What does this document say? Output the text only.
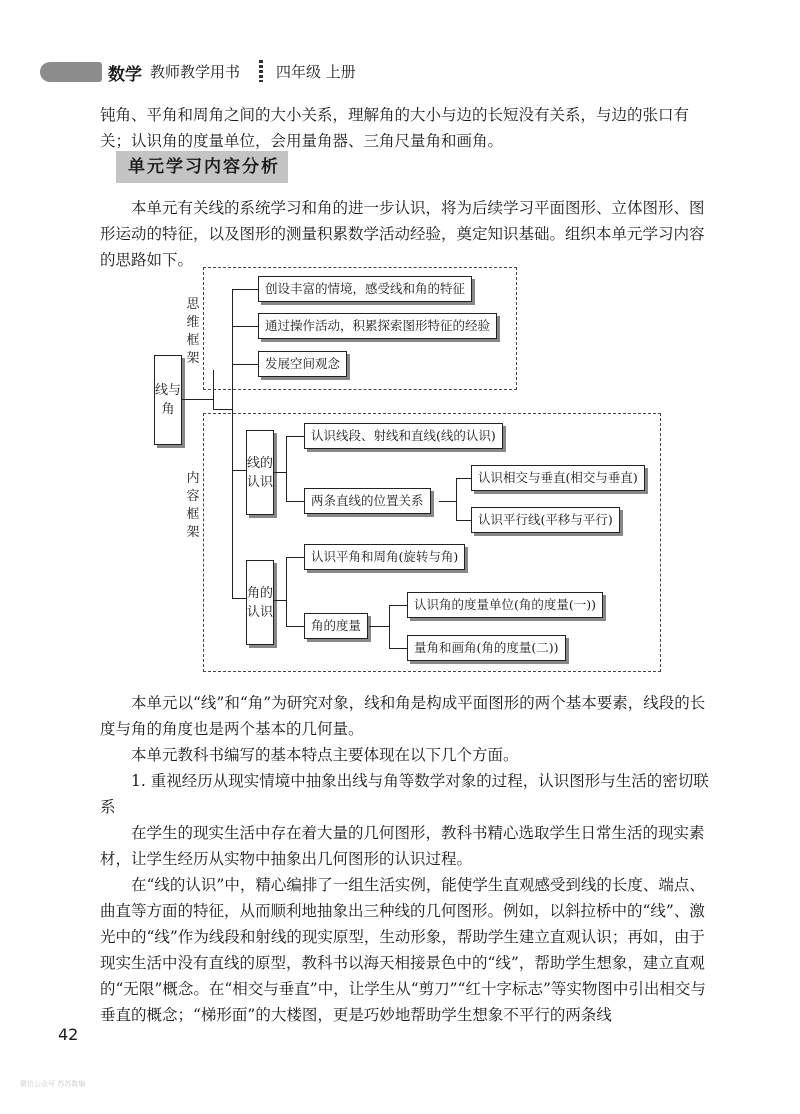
数学 教师教学用书 四年级 上册

钝角、平角和周角之间的大小关系，理解角的大小与边的长短没有关系，与边的张口有关；认识角的度量单位，会用量角器、三角尺量角和画角。

单元学习内容分析

本单元有关线的系统学习和角的进一步认识，将为后续学习平面图形、立体图形、图形运动的特征，以及图形的测量积累数学活动经验，奠定知识基础。组织本单元学习内容的思路如下。

线与角
思维框架
内容框架
创设丰富的情境，感受线和角的特征
通过操作活动，积累探索图形特征的经验
发展空间观念
线的认识
认识线段、射线和直线(线的认识)
两条直线的位置关系
认识相交与垂直(相交与垂直)
认识平行线(平移与平行)
角的认识
认识平角和周角(旋转与角)
角的度量
认识角的度量单位(角的度量(一))
量角和画角(角的度量(二))

本单元以“线”和“角”为研究对象，线和角是构成平面图形的两个基本要素，线段的长度与角的角度也是两个基本的几何量。

本单元教科书编写的基本特点主要体现在以下几个方面。

1. 重视经历从现实情境中抽象出线与角等数学对象的过程，认识图形与生活的密切联系

在学生的现实生活中存在着大量的几何图形，教科书精心选取学生日常生活的现实素材，让学生经历从实物中抽象出几何图形的认识过程。

在“线的认识”中，精心编排了一组生活实例，能使学生直观感受到线的长度、端点、曲直等方面的特征，从而顺利地抽象出三种线的几何图形。例如，以斜拉桥中的“线”、激光中的“线”作为线段和射线的现实原型，生动形象，帮助学生建立直观认识；再如，由于现实生活中没有直线的原型，教科书以海天相接景色中的“线”，帮助学生想象，建立直观的“无限”概念。在“相交与垂直”中，让学生从“剪刀”“红十字标志”等实物图中引出相交与垂直的概念；“梯形面”的大楼图，更是巧妙地帮助学生想象不平行的两条线

42
微信公众号 苏苏数编
